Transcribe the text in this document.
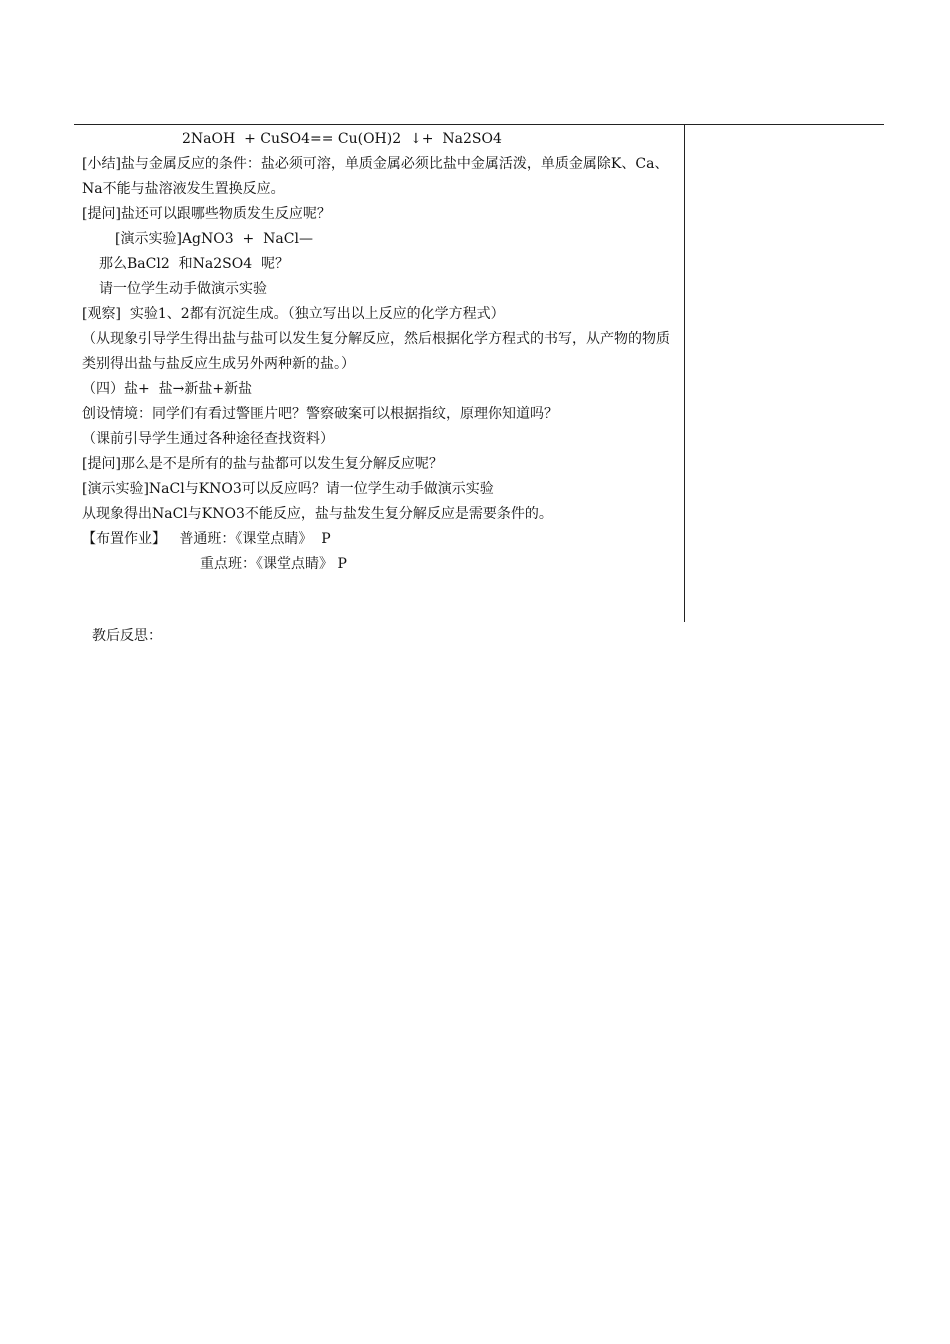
2NaOH  + CuSO4== Cu(OH)2  ↓+  Na2SO4

[小结]盐与金属反应的条件：盐必须可溶，单质金属必须比盐中金属活泼，单质金属除K、Ca、Na不能与盐溶液发生置换反应。

[提问]盐还可以跟哪些物质发生反应呢？

[演示实验]AgNO3  +  NaCl—

那么BaCl2  和Na2SO4  呢？

请一位学生动手做演示实验

[观察]  实验1、2都有沉淀生成。（独立写出以上反应的化学方程式）

（从现象引导学生得出盐与盐可以发生复分解反应，然后根据化学方程式的书写，从产物的物质类别得出盐与盐反应生成另外两种新的盐。）

（四）盐+  盐→新盐+新盐

创设情境：同学们有看过警匪片吧？警察破案可以根据指纹，原理你知道吗？

（课前引导学生通过各种途径查找资料）

[提问]那么是不是所有的盐与盐都可以发生复分解反应呢？

[演示实验]NaCl与KNO3可以反应吗？请一位学生动手做演示实验

从现象得出NaCl与KNO3不能反应，盐与盐发生复分解反应是需要条件的。

【布置作业】 普通班：《课堂点睛》  P

重点班：《课堂点睛》 P

教后反思：
